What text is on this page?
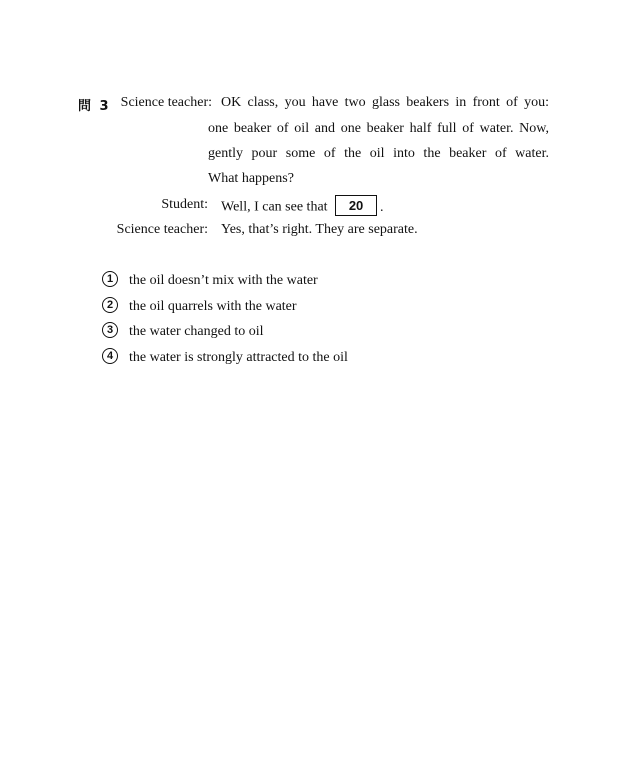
問 3 Science teacher: OK class, you have two glass beakers in front of you:
one beaker of oil and one beaker half full of water. Now,
gently pour some of the oil into the beaker of water.
What happens?
Student: Well, I can see that 20 .
Science teacher: Yes, that’s right. They are separate.
1 the oil doesn’t mix with the water
2 the oil quarrels with the water
3 the water changed to oil
4 the water is strongly attracted to the oil
